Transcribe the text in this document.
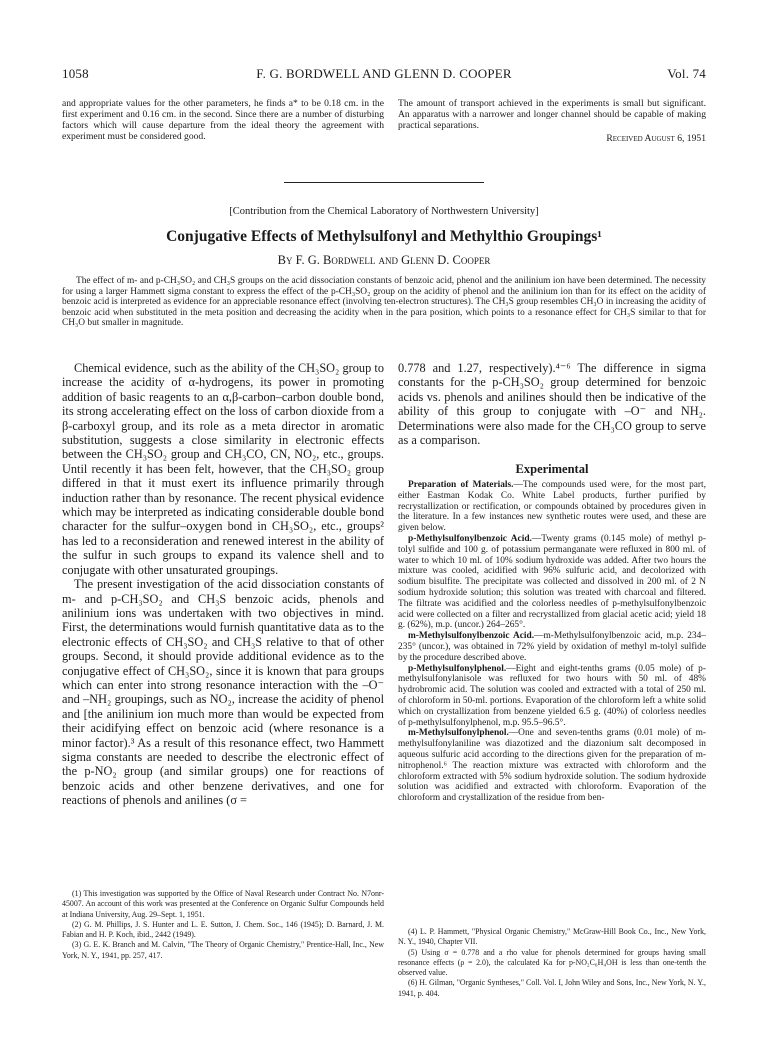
1058	F. G. BORDWELL AND GLENN D. COOPER	Vol. 74
and appropriate values for the other parameters, he finds a* to be 0.18 cm. in the first experiment and 0.16 cm. in the second. Since there are a number of disturbing factors which will cause departure from the ideal theory the agreement with experiment must be considered good.
The amount of transport achieved in the experiments is small but significant. An apparatus with a narrower and longer channel should be capable of making practical separations.
Received August 6, 1951
[Contribution from the Chemical Laboratory of Northwestern University]
Conjugative Effects of Methylsulfonyl and Methylthio Groupings¹
By F. G. Bordwell and Glenn D. Cooper
The effect of m- and p-CH₃SO₂ and CH₃S groups on the acid dissociation constants of benzoic acid, phenol and the anilinium ion have been determined. The necessity for using a larger Hammett sigma constant to express the effect of the p-CH₃SO₂ group on the acidity of phenol and the anilinium ion than for its effect on the acidity of benzoic acid is interpreted as evidence for an appreciable resonance effect (involving ten-electron structures). The CH₃S group resembles CH₃O in increasing the acidity of benzoic acid when substituted in the meta position and decreasing the acidity when in the para position, which points to a resonance effect for CH₃S similar to that for CH₃O but smaller in magnitude.

Chemical evidence, such as the ability of the CH₃SO₂ group to increase the acidity of α-hydrogens, its power in promoting addition of basic reagents to an α,β-carbon–carbon double bond, its strong accelerating effect on the loss of carbon dioxide from a β-carboxyl group, and its role as a meta director in aromatic substitution, suggests a close similarity in electronic effects between the CH₃SO₂ group and CH₃CO, CN, NO₂, etc., groups. Until recently it has been felt, however, that the CH₃SO₂ group differed in that it must exert its influence primarily through induction rather than by resonance. The recent physical evidence which may be interpreted as indicating considerable double bond character for the sulfur–oxygen bond in CH₃SO₂, etc., groups² has led to a reconsideration and renewed interest in the ability of the sulfur in such groups to expand its valence shell and to conjugate with other unsaturated groupings.

The present investigation of the acid dissociation constants of m- and p-CH₃SO₂ and CH₃S benzoic acids, phenols and anilinium ions was undertaken with two objectives in mind. First, the determinations would furnish quantitative data as to the electronic effects of CH₃SO₂ and CH₃S relative to that of other groups. Second, it should provide additional evidence as to the conjugative effect of CH₃SO₂, since it is known that para groups which can enter into strong resonance interaction with the –O⁻ and –NH₂ groupings, such as NO₂, increase the acidity of phenol and [the anilinium ion much more than would be expected from their acidifying effect on benzoic acid (where resonance is a minor factor).³ As a result of this resonance effect, two Hammett sigma constants are needed to describe the electronic effect of the p-NO₂ group (and similar groups) one for reactions of benzoic acids and other benzene derivatives, and one for reactions of phenols and anilines (σ =

(1) This investigation was supported by the Office of Naval Research under Contract No. N7onr-45007. An account of this work was presented at the Conference on Organic Sulfur Compounds held at Indiana University, Aug. 29–Sept. 1, 1951.

(2) G. M. Phillips, J. S. Hunter and L. E. Sutton, J. Chem. Soc., 146 (1945); D. Barnard, J. M. Fabian and H. P. Koch, ibid., 2442 (1949).

(3) G. E. K. Branch and M. Calvin, "The Theory of Organic Chemistry," Prentice-Hall, Inc., New York, N. Y., 1941, pp. 257, 417.

0.778 and 1.27, respectively).⁴⁻⁶ The difference in sigma constants for the p-CH₃SO₂ group determined for benzoic acids vs. phenols and anilines should then be indicative of the ability of this group to conjugate with –O⁻ and NH₂. Determinations were also made for the CH₃CO group to serve as a comparison.

Experimental

Preparation of Materials.—The compounds used were, for the most part, either Eastman Kodak Co. White Label products, further purified by recrystallization or rectification, or compounds obtained by procedures given in the literature. In a few instances new synthetic routes were used, and these are given below.

p-Methylsulfonylbenzoic Acid.—Twenty grams (0.145 mole) of methyl p-tolyl sulfide and 100 g. of potassium permanganate were refluxed in 800 ml. of water to which 10 ml. of 10% sodium hydroxide was added. After two hours the mixture was cooled, acidified with 96% sulfuric acid, and decolorized with sodium bisulfite. The precipitate was collected and dissolved in 200 ml. of 2 N sodium hydroxide solution; this solution was treated with charcoal and filtered. The filtrate was acidified and the colorless needles of p-methylsulfonylbenzoic acid were collected on a filter and recrystallized from glacial acetic acid; yield 18 g. (62%), m.p. (uncor.) 264–265°.

m-Methylsulfonylbenzoic Acid.—m-Methylsulfonylbenzoic acid, m.p. 234–235° (uncor.), was obtained in 72% yield by oxidation of methyl m-tolyl sulfide by the procedure described above.

p-Methylsulfonylphenol.—Eight and eight-tenths grams (0.05 mole) of p-methylsulfonylanisole was refluxed for two hours with 50 ml. of 48% hydrobromic acid. The solution was cooled and extracted with a total of 250 ml. of chloroform in 50-ml. portions. Evaporation of the chloroform left a white solid which on crystallization from benzene yielded 6.5 g. (40%) of colorless needles of p-methylsulfonylphenol, m.p. 95.5–96.5°.

m-Methylsulfonylphenol.—One and seven-tenths grams (0.01 mole) of m-methylsulfonylaniline was diazotized and the diazonium salt decomposed in aqueous sulfuric acid according to the directions given for the preparation of m-nitrophenol.⁶ The reaction mixture was extracted with chloroform and the chloroform extracted with 5% sodium hydroxide solution. The sodium hydroxide solution was acidified and extracted with chloroform. Evaporation of the chloroform and crystallization of the residue from ben-

(4) L. P. Hammett, "Physical Organic Chemistry," McGraw-Hill Book Co., Inc., New York, N. Y., 1940, Chapter VII.

(5) Using σ = 0.778 and a rho value for phenols determined for groups having small resonance effects (ρ = 2.0), the calculated Ka for p-NO₂C₆H₄OH is less than one-tenth the observed value.

(6) H. Gilman, "Organic Syntheses," Coll. Vol. I, John Wiley and Sons, Inc., New York, N. Y., 1941, p. 404.
